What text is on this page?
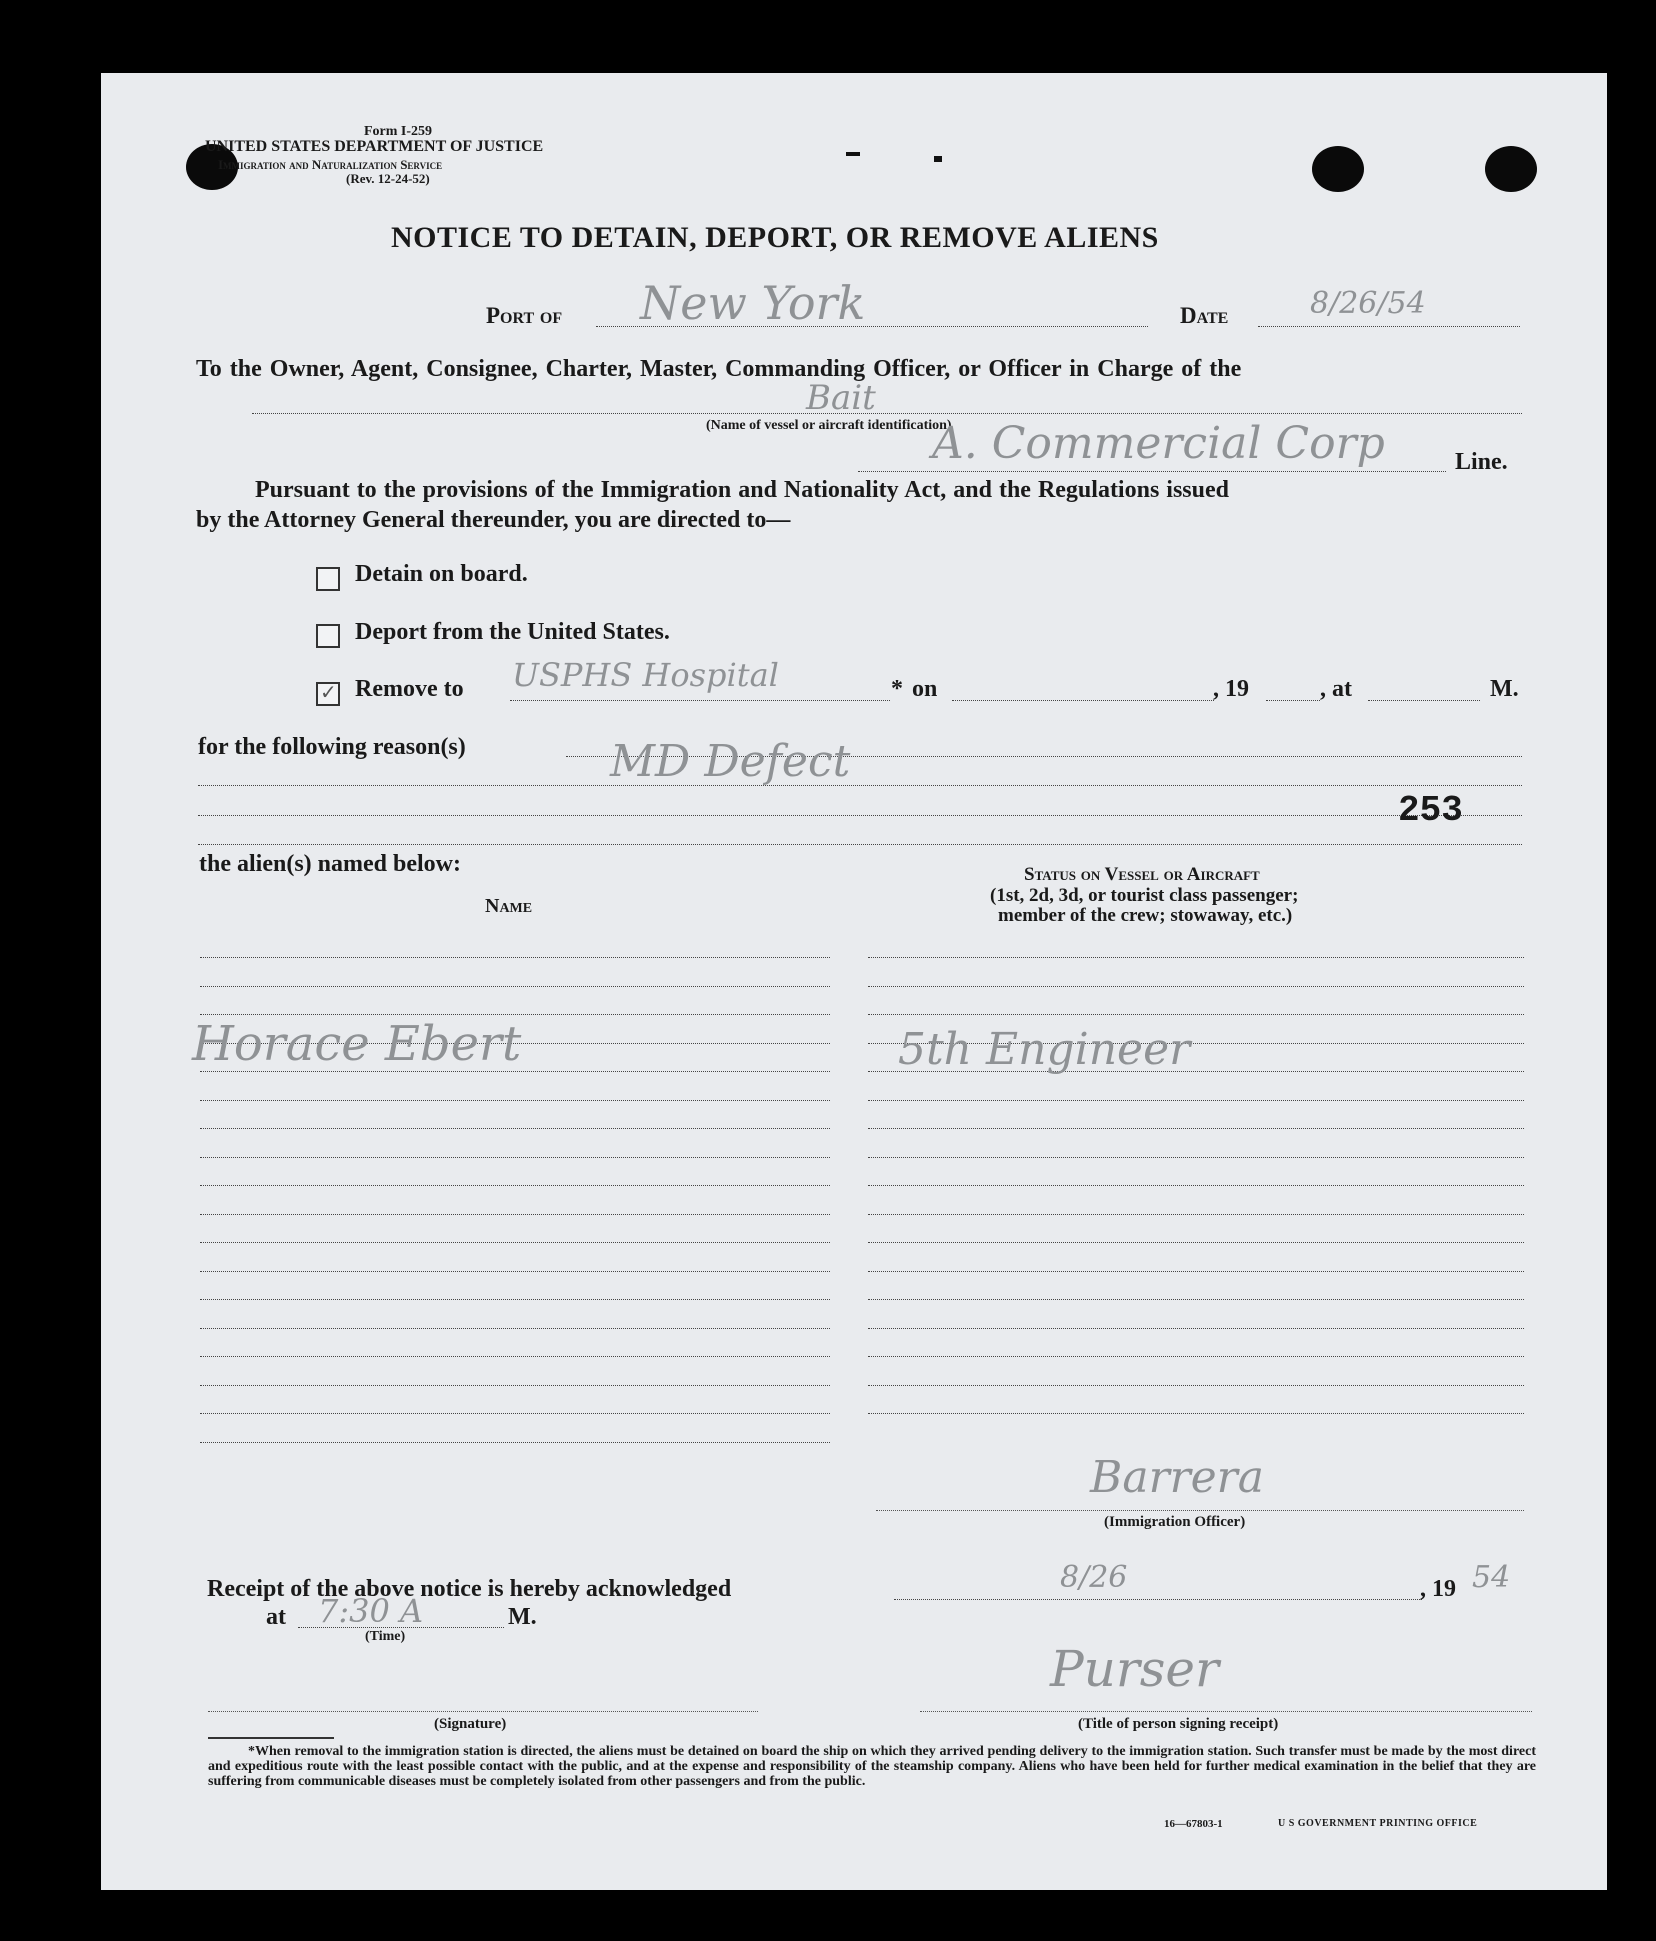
Form I-259
UNITED STATES DEPARTMENT OF JUSTICE
Immigration and Naturalization Service
(Rev. 12-24-52)
NOTICE TO DETAIN, DEPORT, OR REMOVE ALIENS
Port of New York	Date	8/26/54
To the Owner, Agent, Consignee, Charter, Master, Commanding Officer, or Officer in Charge of the
Bait
(Name of vessel or aircraft identification)
A. Commercial Corp	Line.
Pursuant to the provisions of the Immigration and Nationality Act, and the Regulations issued
by the Attorney General thereunder, you are directed to—
Detain on board.
Deport from the United States.
✓ Remove to USPHS Hospital	* on	, 19	, at	M.
for the following reason(s)	MD Defect
253
the alien(s) named below:
Name
Status on Vessel or Aircraft
(1st, 2d, 3d, or tourist class passenger;
member of the crew; stowaway, etc.)
Horace Ebert	5th Engineer
Barrera
(Immigration Officer)
Receipt of the above notice is hereby acknowledged	8/26	, 19 54
at 7:30 A	M.
(Time)
Purser
(Signature)	(Title of person signing receipt)
*When removal to the immigration station is directed, the aliens must be detained on board the ship on which they arrived pending delivery to the immigration station. Such transfer must be made by the most direct and expeditious route with the least possible contact with the public, and at the expense and responsibility of the steamship company. Aliens who have been held for further medical examination in the belief that they are suffering from communicable diseases must be completely isolated from other passengers and from the public.
16—67803-1	U S GOVERNMENT PRINTING OFFICE
